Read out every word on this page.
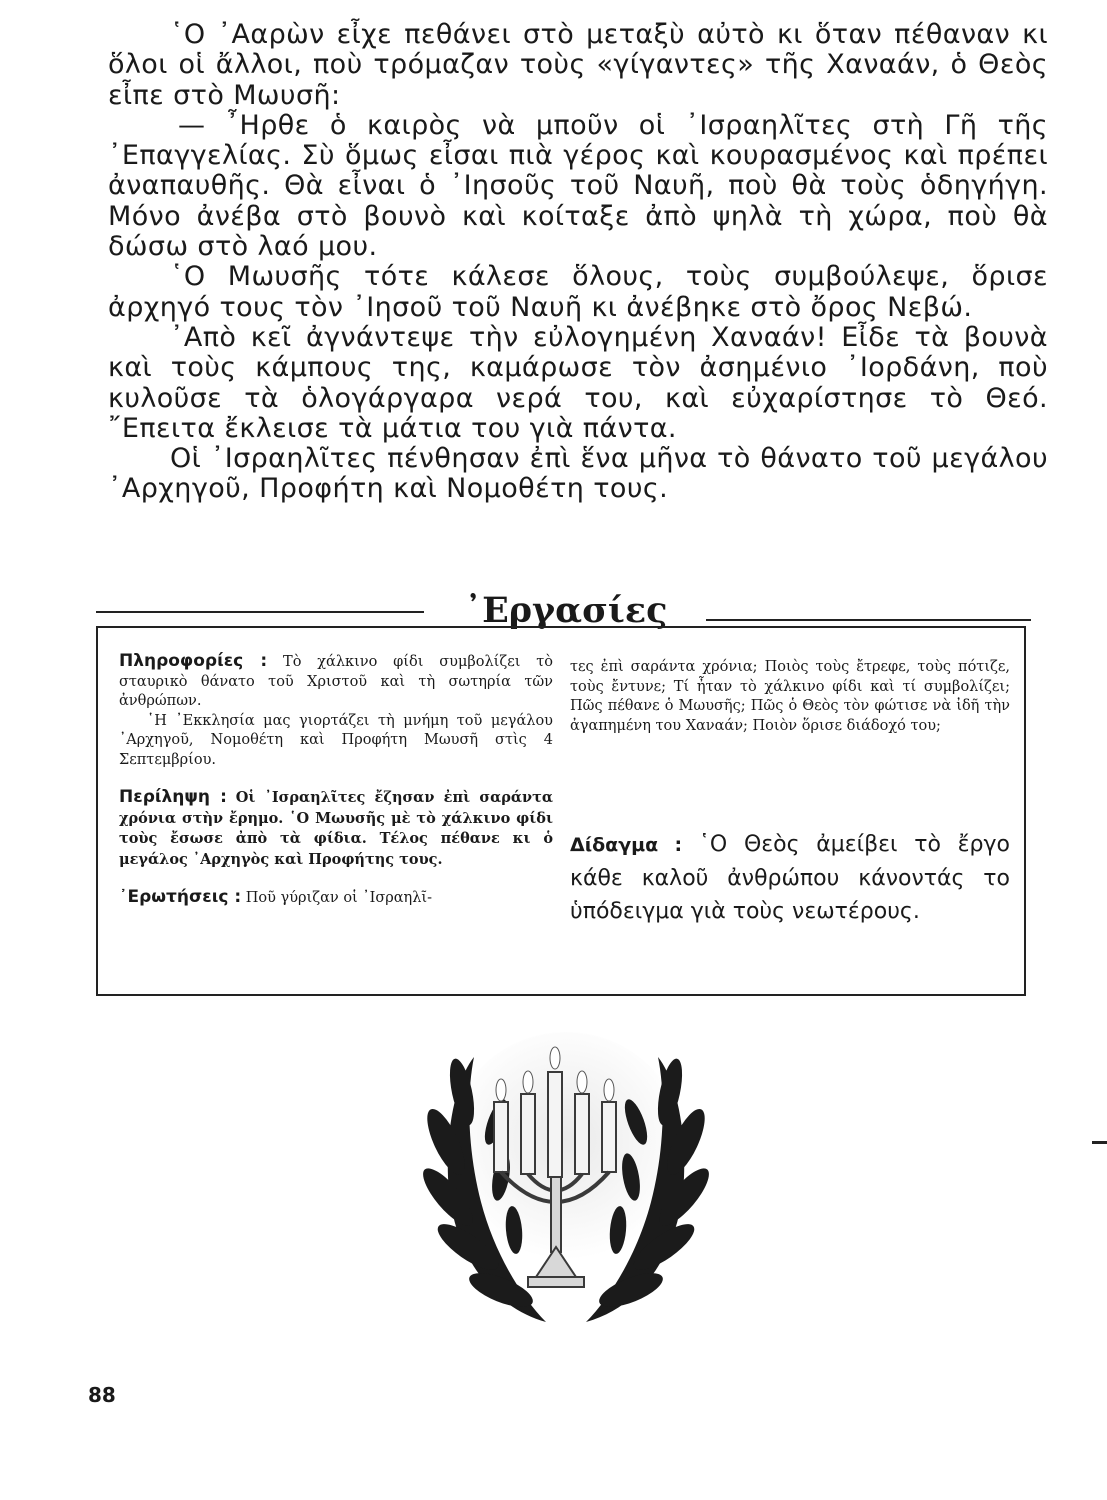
῾Ο ᾿Ααρὼν εἶχε πεθάνει στὸ μεταξὺ αὐτὸ κι ὅταν πέθαναν κι ὅλοι οἱ ἄλλοι, ποὺ τρόμαζαν τοὺς «γίγαντες» τῆς Χαναάν, ὁ Θεὸς εἶπε στὸ Μωυσῆ:

— ῏Ηρθε ὁ καιρὸς νὰ μποῦν οἱ ᾿Ισραηλῖτες στὴ Γῆ τῆς ᾿Επαγγελίας. Σὺ ὅμως εἶσαι πιὰ γέρος καὶ κουρασμένος καὶ πρέπει ἀναπαυθῆς. Θὰ εἶναι ὁ ᾿Ιησοῦς τοῦ Ναυῆ, ποὺ θὰ τοὺς ὁδηγήγη. Μόνο ἀνέβα στὸ βουνὸ καὶ κοίταξε ἀπὸ ψηλὰ τὴ χώρα, ποὺ θὰ δώσω στὸ λαό μου.

῾Ο Μωυσῆς τότε κάλεσε ὅλους, τοὺς συμβούλεψε, ὅρισε ἀρχηγό τους τὸν ᾿Ιησοῦ τοῦ Ναυῆ κι ἀνέβηκε στὸ ὄρος Νεβώ.

᾿Απὸ κεῖ ἀγνάντεψε τὴν εὐλογημένη Χαναάν! Εἶδε τὰ βουνὰ καὶ τοὺς κάμπους της, καμάρωσε τὸν ἀσημένιο ᾿Ιορδάνη, ποὺ κυλοῦσε τὰ ὁλογάργαρα νερά του, καὶ εὐχαρίστησε τὸ Θεό. ῎Επειτα ἔκλεισε τὰ μάτια του γιὰ πάντα.

Οἱ ᾿Ισραηλῖτες πένθησαν ἐπὶ ἕνα μῆνα τὸ θάνατο τοῦ μεγάλου ᾿Αρχηγοῦ, Προφήτη καὶ Νομοθέτη τους.

᾿Εργασίες

Πληροφορίες : Τὸ χάλκινο φίδι συμβολίζει τὸ σταυρικὸ θάνατο τοῦ Χριστοῦ καὶ τὴ σωτηρία τῶν ἀνθρώπων.

῾Η ᾿Εκκλησία μας γιορτάζει τὴ μνήμη τοῦ μεγάλου ᾿Αρχηγοῦ, Νομοθέτη καὶ Προφήτη Μωυσῆ στὶς 4 Σεπτεμβρίου.

Περίληψη : Οἱ ᾿Ισραηλῖτες ἔζησαν ἐπὶ σαράντα χρόνια στὴν ἔρημο. ῾Ο Μωυσῆς μὲ τὸ χάλκινο φίδι τοὺς ἔσωσε ἀπὸ τὰ φίδια. Τέλος πέθανε κι ὁ μεγάλος ᾿Αρχηγὸς καὶ Προφήτης τους.

᾿Ερωτήσεις : Ποῦ γύριζαν οἱ ᾿Ισραηλῖ-

τες ἐπὶ σαράντα χρόνια; Ποιὸς τοὺς ἔτρεφε, τοὺς πότιζε, τοὺς ἔντυνε; Τί ἦταν τὸ χάλκινο φίδι καὶ τί συμβολίζει; Πῶς πέθανε ὁ Μωυσῆς; Πῶς ὁ Θεὸς τὸν φώτισε νὰ ἰδῆ τὴν ἀγαπημένη του Χαναάν; Ποιὸν ὅρισε διάδοχό του;

Δίδαγμα : ῾Ο Θεὸς ἀμείβει τὸ ἔργο κάθε καλοῦ ἀνθρώπου κάνοντάς το ὑπόδειγμα γιὰ τοὺς νεωτέρους.
88
